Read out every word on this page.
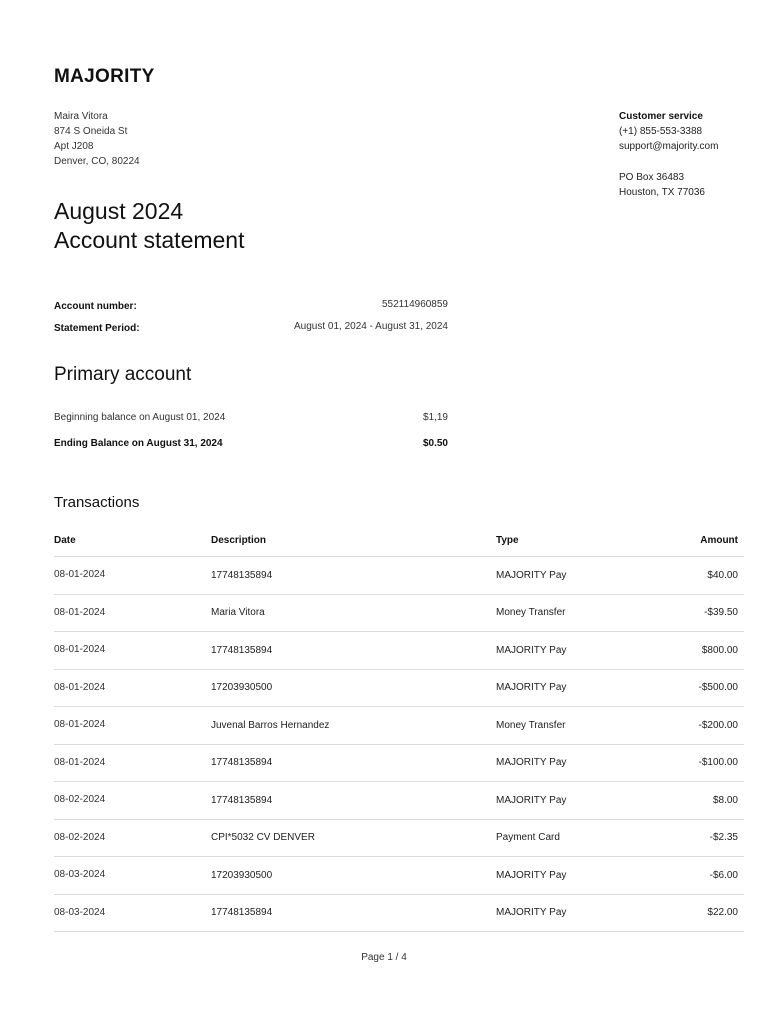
MAJORITY
Maira Vitora
874 S Oneida St
Apt J208
Denver, CO, 80224
Customer service
(+1) 855-553-3388
support@majority.com
PO Box 36483
Houston, TX 77036
August 2024
Account statement
Account number:	552114960859
Statement Period:	August 01, 2024 - August 31, 2024
Primary account
Beginning balance on August 01, 2024	$1,19
Ending Balance on August 31, 2024	$0.50
Transactions
Date	Description	Type	Amount
08-01-2024	17748135894	MAJORITY Pay	$40.00
08-01-2024	Maria Vitora	Money Transfer	-$39.50
08-01-2024	17748135894	MAJORITY Pay	$800.00
08-01-2024	17203930500	MAJORITY Pay	-$500.00
08-01-2024	Juvenal Barros Hernandez	Money Transfer	-$200.00
08-01-2024	17748135894	MAJORITY Pay	-$100.00
08-02-2024	17748135894	MAJORITY Pay	$8.00
08-02-2024	CPI*5032 CV DENVER	Payment Card	-$2.35
08-03-2024	17203930500	MAJORITY Pay	-$6.00
08-03-2024	17748135894	MAJORITY Pay	$22.00
Page 1 / 4
